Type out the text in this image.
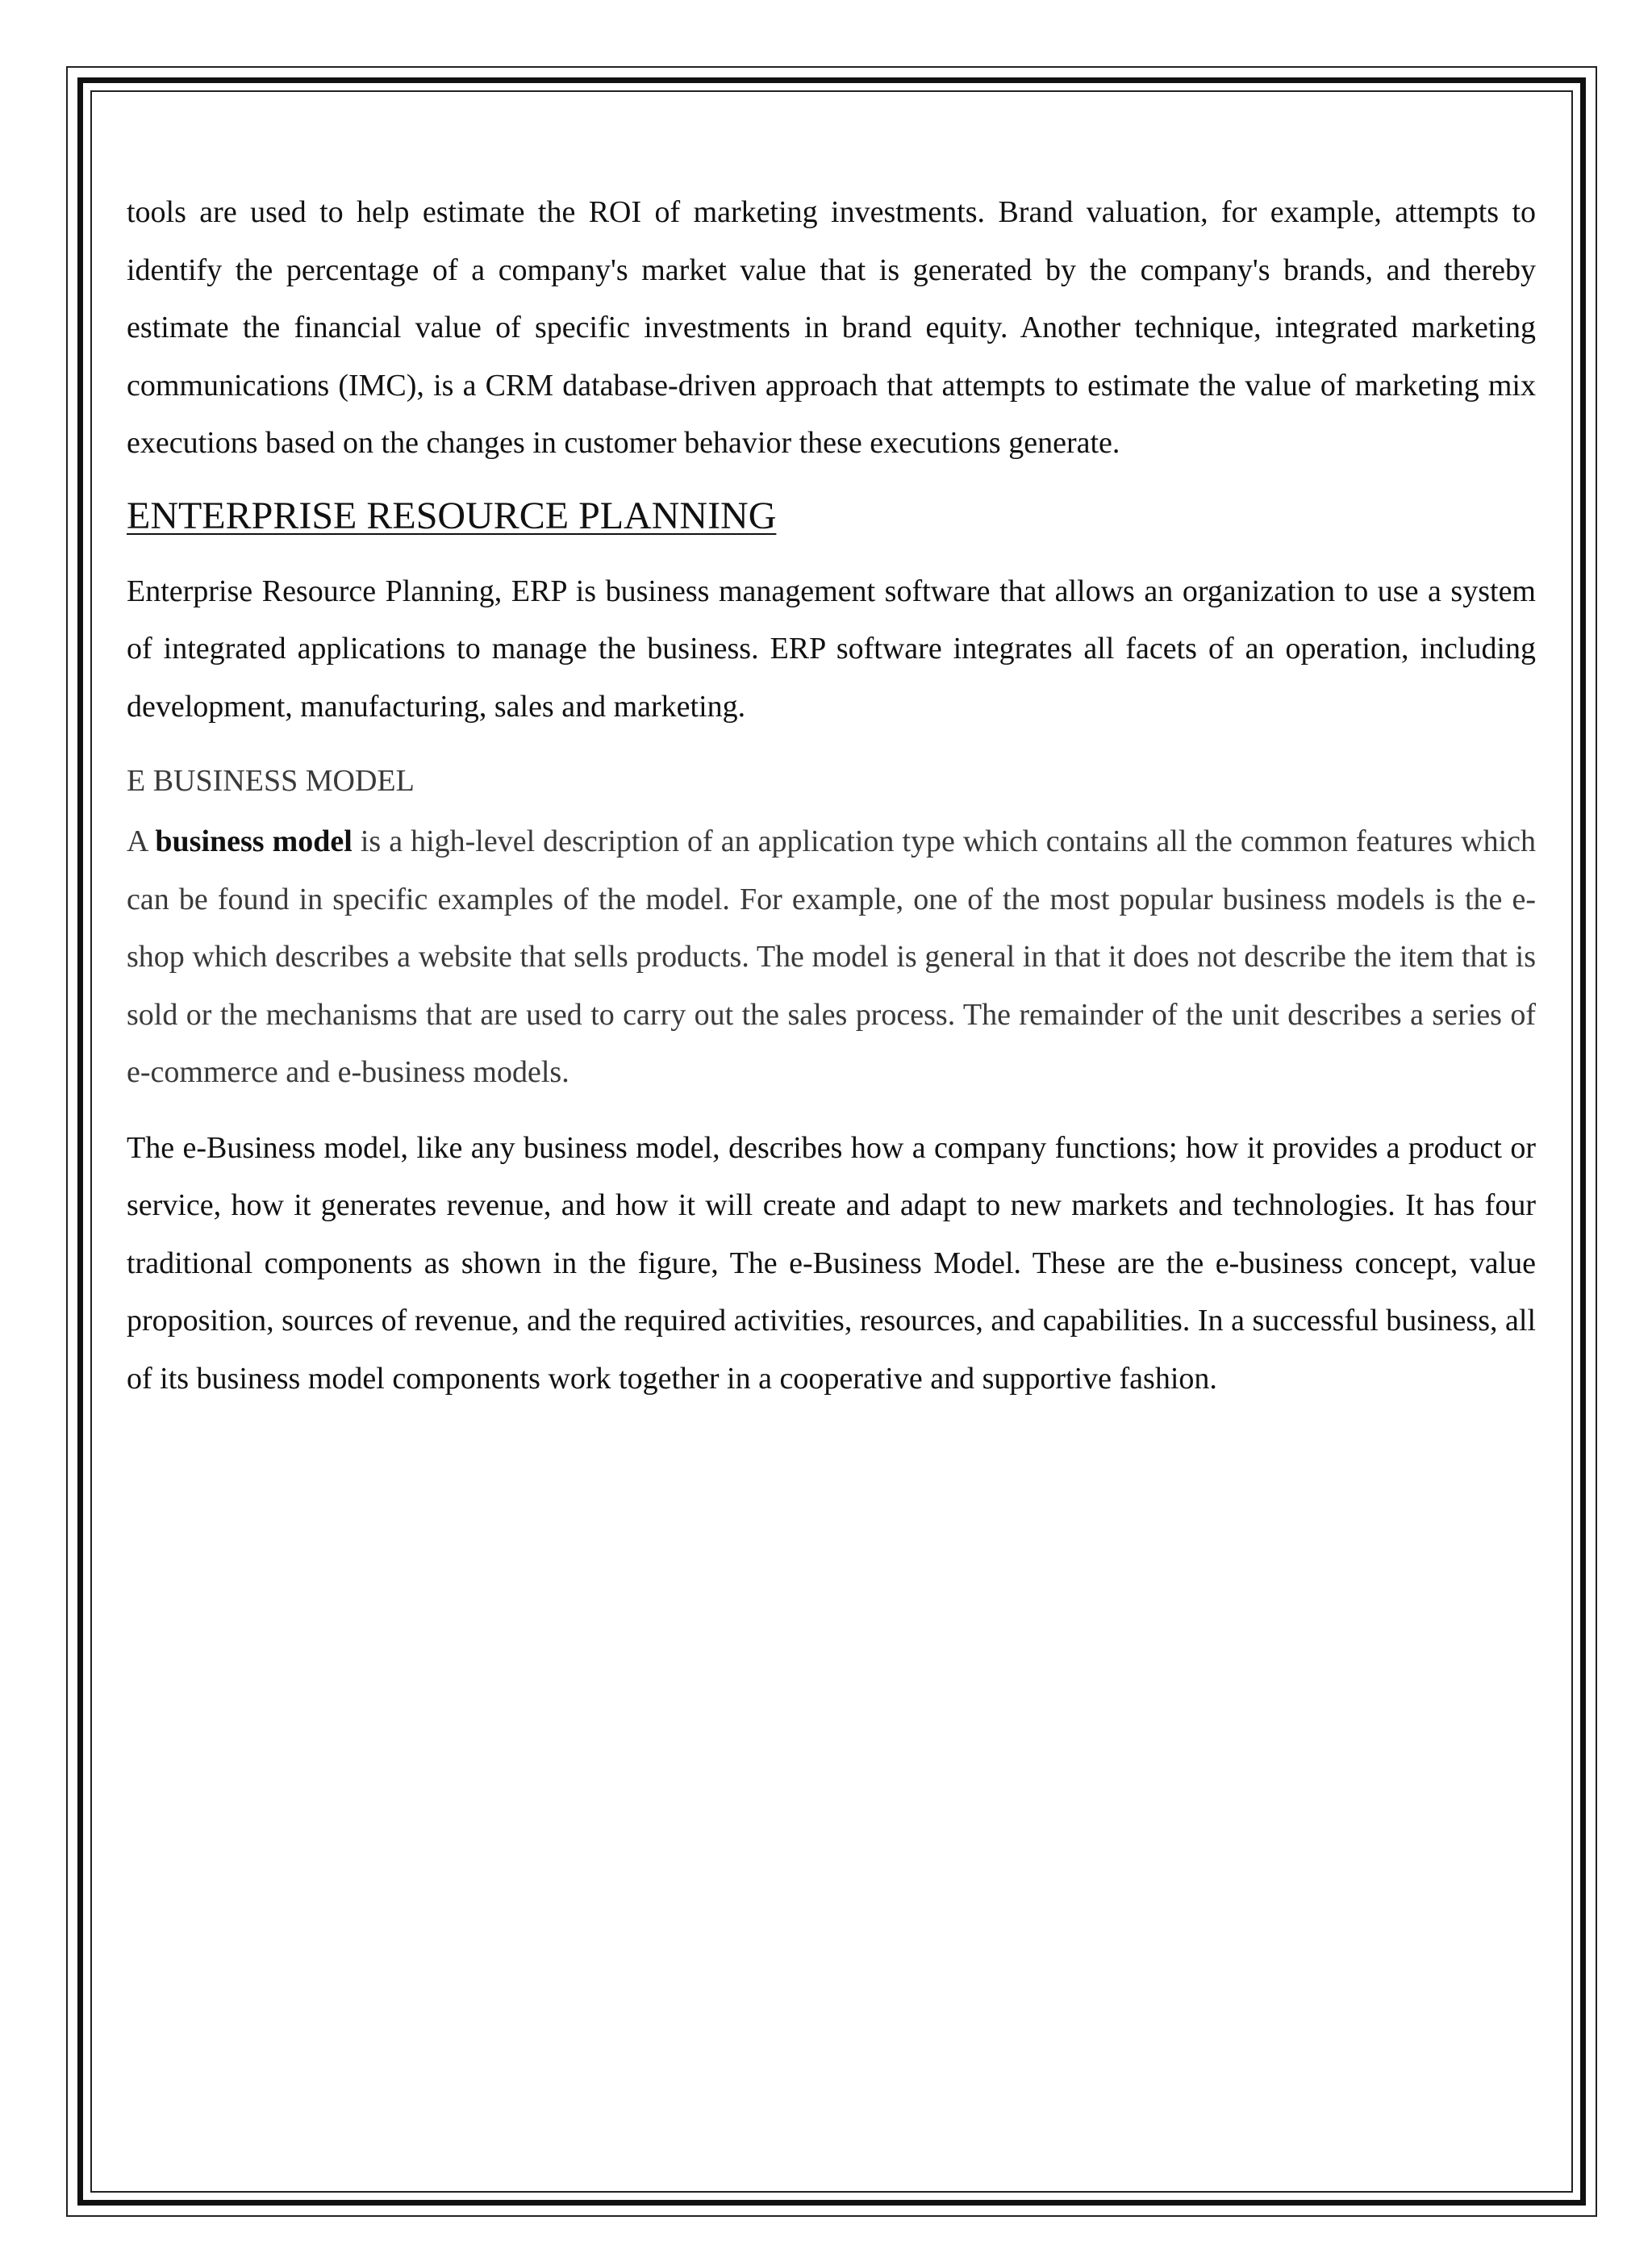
tools are used to help estimate the ROI of marketing investments. Brand valuation, for example, attempts to identify the percentage of a company's market value that is generated by the company's brands, and thereby estimate the financial value of specific investments in brand equity. Another technique, integrated marketing communications (IMC), is a CRM database-driven approach that attempts to estimate the value of marketing mix executions based on the changes in customer behavior these executions generate.

ENTERPRISE RESOURCE PLANNING

Enterprise Resource Planning, ERP is business management software that allows an organization to use a system of integrated applications to manage the business. ERP software integrates all facets of an operation, including development, manufacturing, sales and marketing.

E BUSINESS MODEL

A business model is a high-level description of an application type which contains all the common features which can be found in specific examples of the model. For example, one of the most popular business models is the e-shop which describes a website that sells products. The model is general in that it does not describe the item that is sold or the mechanisms that are used to carry out the sales process. The remainder of the unit describes a series of e-commerce and e-business models.

The e-Business model, like any business model, describes how a company functions; how it provides a product or service, how it generates revenue, and how it will create and adapt to new markets and technologies. It has four traditional components as shown in the figure, The e-Business Model. These are the e-business concept, value proposition, sources of revenue, and the required activities, resources, and capabilities. In a successful business, all of its business model components work together in a cooperative and supportive fashion.
